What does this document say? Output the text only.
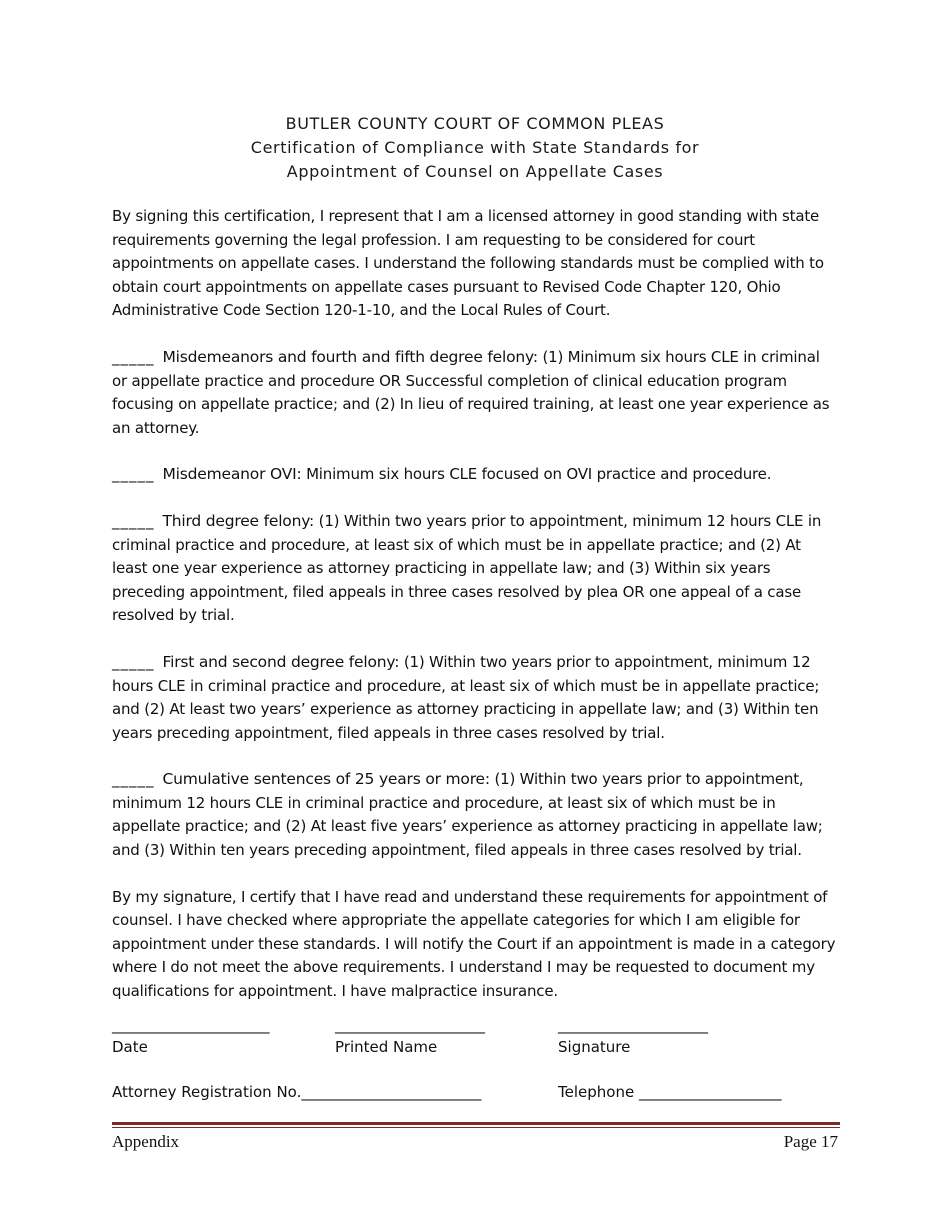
BUTLER COUNTY COURT OF COMMON PLEAS
Certification of Compliance with State Standards for
Appointment of Counsel on Appellate Cases

By signing this certification, I represent that I am a licensed attorney in good standing with state requirements governing the legal profession. I am requesting to be considered for court appointments on appellate cases. I understand the following standards must be complied with to obtain court appointments on appellate cases pursuant to Revised Code Chapter 120, Ohio Administrative Code Section 120-1-10, and the Local Rules of Court.

_____ Misdemeanors and fourth and fifth degree felony: (1) Minimum six hours CLE in criminal or appellate practice and procedure OR Successful completion of clinical education program focusing on appellate practice; and (2) In lieu of required training, at least one year experience as an attorney.

_____ Misdemeanor OVI: Minimum six hours CLE focused on OVI practice and procedure.

_____ Third degree felony: (1) Within two years prior to appointment, minimum 12 hours CLE in criminal practice and procedure, at least six of which must be in appellate practice; and (2) At least one year experience as attorney practicing in appellate law; and (3) Within six years preceding appointment, filed appeals in three cases resolved by plea OR one appeal of a case resolved by trial.

_____ First and second degree felony: (1) Within two years prior to appointment, minimum 12 hours CLE in criminal practice and procedure, at least six of which must be in appellate practice; and (2) At least two years’ experience as attorney practicing in appellate law; and (3) Within ten years preceding appointment, filed appeals in three cases resolved by trial.

_____ Cumulative sentences of 25 years or more: (1) Within two years prior to appointment, minimum 12 hours CLE in criminal practice and procedure, at least six of which must be in appellate practice; and (2) At least five years’ experience as attorney practicing in appellate law; and (3) Within ten years preceding appointment, filed appeals in three cases resolved by trial.

By my signature, I certify that I have read and understand these requirements for appointment of counsel. I have checked where appropriate the appellate categories for which I am eligible for appointment under these standards. I will notify the Court if an appointment is made in a category where I do not meet the above requirements. I understand I may be requested to document my qualifications for appointment. I have malpractice insurance.

_____________________
Date
____________________
Printed Name
____________________
Signature
Attorney Registration No.________________________	Telephone ___________________
Appendix	Page 17
